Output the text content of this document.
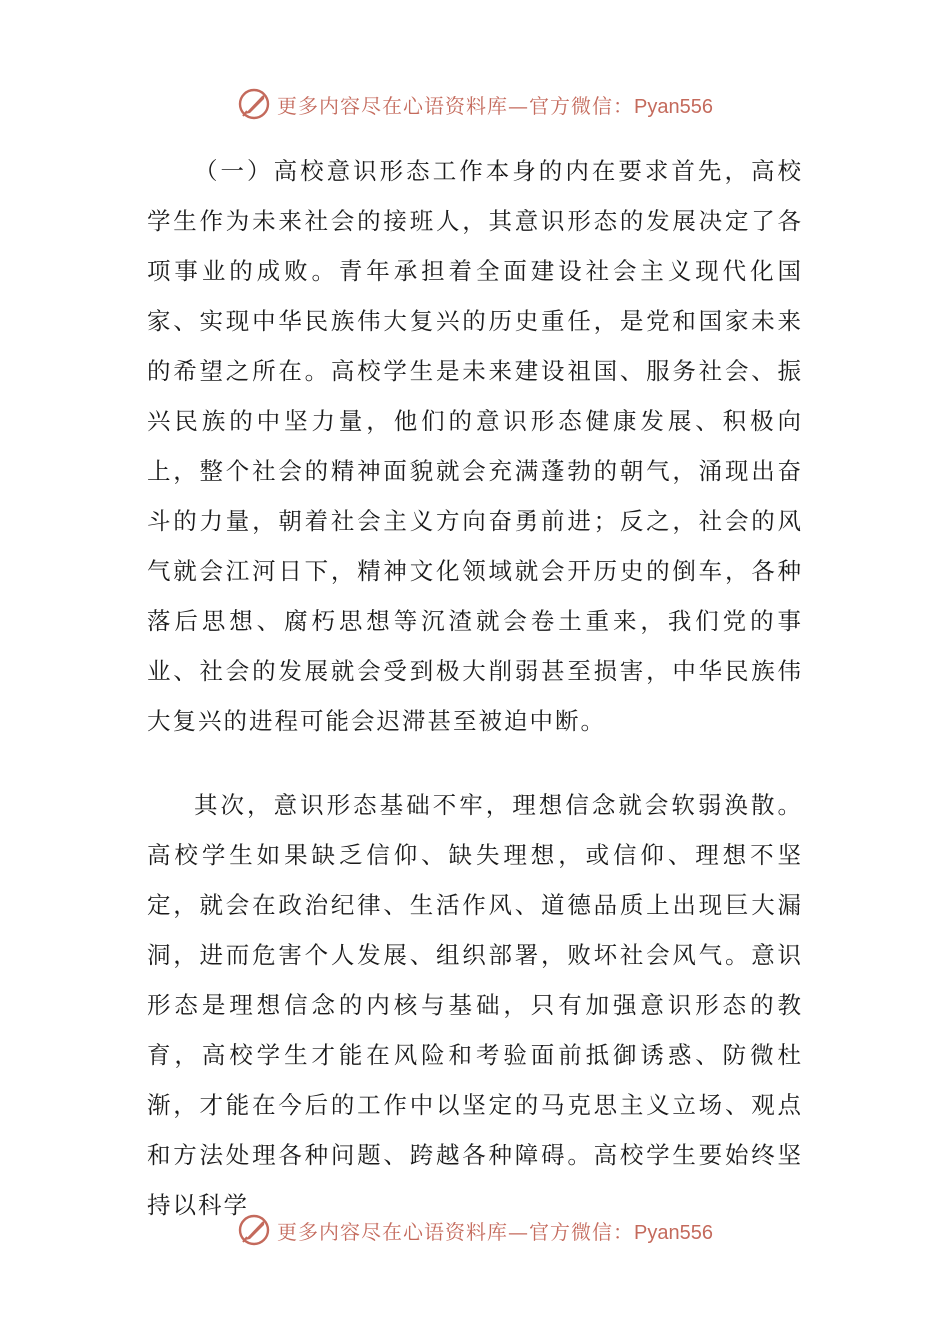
更多内容尽在心语资料库—官方微信：Pyan556

（一）高校意识形态工作本身的内在要求首先，高校学生作为未来社会的接班人，其意识形态的发展决定了各项事业的成败。青年承担着全面建设社会主义现代化国家、实现中华民族伟大复兴的历史重任，是党和国家未来的希望之所在。高校学生是未来建设祖国、服务社会、振兴民族的中坚力量，他们的意识形态健康发展、积极向上，整个社会的精神面貌就会充满蓬勃的朝气，涌现出奋斗的力量，朝着社会主义方向奋勇前进；反之，社会的风气就会江河日下，精神文化领域就会开历史的倒车，各种落后思想、腐朽思想等沉渣就会卷土重来，我们党的事业、社会的发展就会受到极大削弱甚至损害，中华民族伟大复兴的进程可能会迟滞甚至被迫中断。

其次，意识形态基础不牢，理想信念就会软弱涣散。高校学生如果缺乏信仰、缺失理想，或信仰、理想不坚定，就会在政治纪律、生活作风、道德品质上出现巨大漏洞，进而危害个人发展、组织部署，败坏社会风气。意识形态是理想信念的内核与基础，只有加强意识形态的教育，高校学生才能在风险和考验面前抵御诱惑、防微杜渐，才能在今后的工作中以坚定的马克思主义立场、观点和方法处理各种问题、跨越各种障碍。高校学生要始终坚持以科学

更多内容尽在心语资料库—官方微信：Pyan556
